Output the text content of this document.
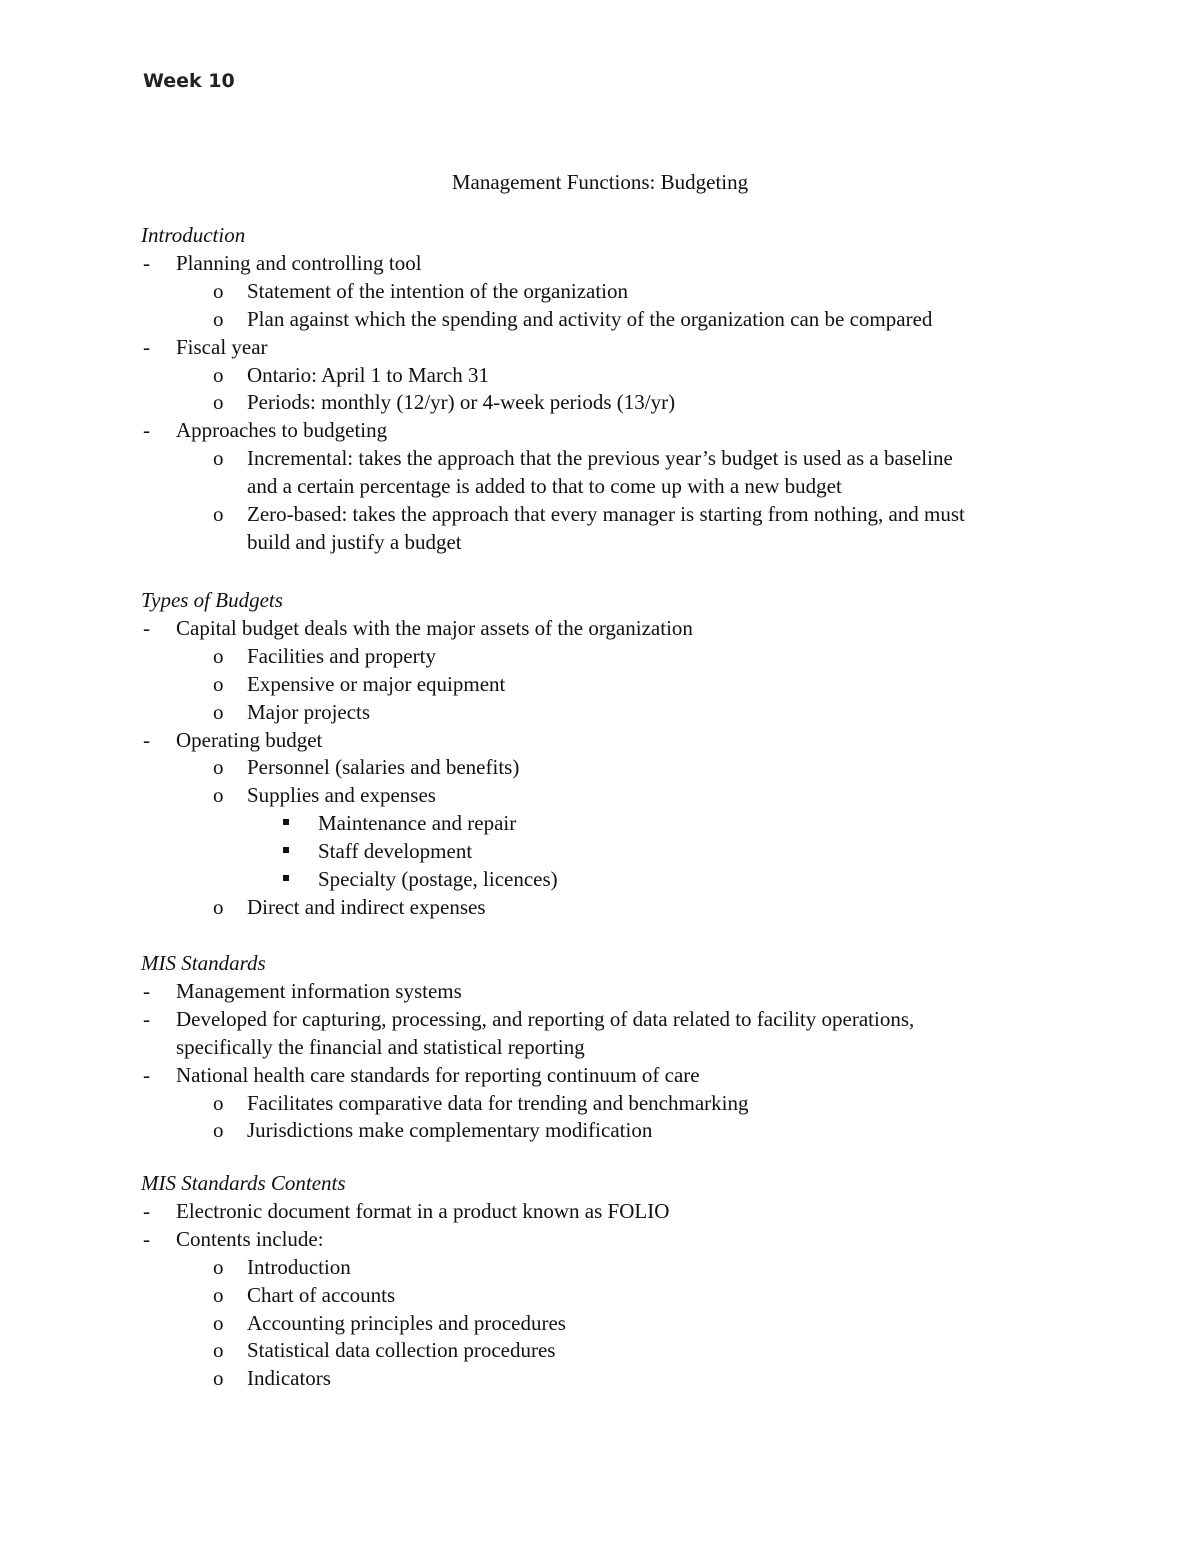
Week 10
Management Functions: Budgeting
Introduction
- Planning and controlling tool
o Statement of the intention of the organization
o Plan against which the spending and activity of the organization can be compared
- Fiscal year
o Ontario: April 1 to March 31
o Periods: monthly (12/yr) or 4-week periods (13/yr)
- Approaches to budgeting
o Incremental: takes the approach that the previous year’s budget is used as a baseline
and a certain percentage is added to that to come up with a new budget
o Zero-based: takes the approach that every manager is starting from nothing, and must
build and justify a budget
Types of Budgets
- Capital budget deals with the major assets of the organization
o Facilities and property
o Expensive or major equipment
o Major projects
- Operating budget
o Personnel (salaries and benefits)
o Supplies and expenses
Maintenance and repair
Staff development
Specialty (postage, licences)
o Direct and indirect expenses
MIS Standards
- Management information systems
- Developed for capturing, processing, and reporting of data related to facility operations,
specifically the financial and statistical reporting
- National health care standards for reporting continuum of care
o Facilitates comparative data for trending and benchmarking
o Jurisdictions make complementary modification
MIS Standards Contents
- Electronic document format in a product known as FOLIO
- Contents include:
o Introduction
o Chart of accounts
o Accounting principles and procedures
o Statistical data collection procedures
o Indicators
